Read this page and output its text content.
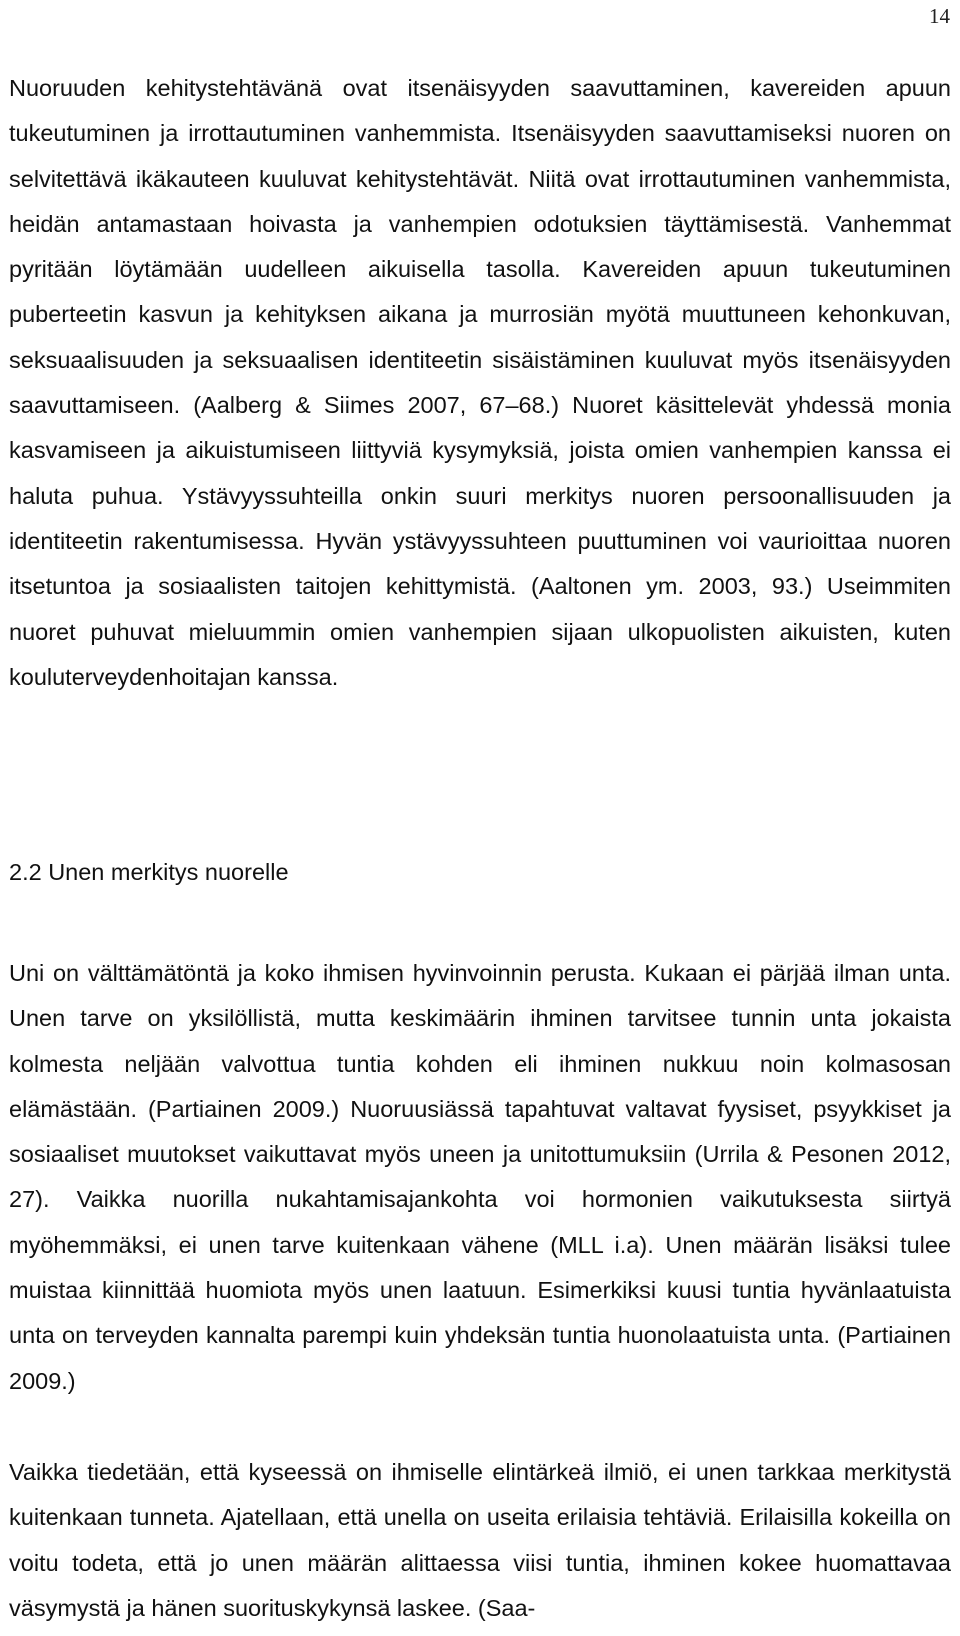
14

Nuoruuden kehitystehtävänä ovat itsenäisyyden saavuttaminen, kavereiden apuun tukeutuminen ja irrottautuminen vanhemmista. Itsenäisyyden saavuttamiseksi nuoren on selvitettävä ikäkauteen kuuluvat kehitystehtävät. Niitä ovat irrottautuminen vanhemmista, heidän antamastaan hoivasta ja vanhempien odotuksien täyttämisestä. Vanhemmat pyritään löytämään uudelleen aikuisella tasolla. Kavereiden apuun tukeutuminen puberteetin kasvun ja kehityksen aikana ja murrosiän myötä muuttuneen kehonkuvan, seksuaalisuuden ja seksuaalisen identiteetin sisäistäminen kuuluvat myös itsenäisyyden saavuttamiseen. (Aalberg & Siimes 2007, 67–68.) Nuoret käsittelevät yhdessä monia kasvamiseen ja aikuistumiseen liittyviä kysymyksiä, joista omien vanhempien kanssa ei haluta puhua. Ystävyyssuhteilla onkin suuri merkitys nuoren persoonallisuuden ja identiteetin rakentumisessa. Hyvän ystävyyssuhteen puuttuminen voi vaurioittaa nuoren itsetuntoa ja sosiaalisten taitojen kehittymistä. (Aaltonen ym. 2003, 93.) Useimmiten nuoret puhuvat mieluummin omien vanhempien sijaan ulkopuolisten aikuisten, kuten kouluterveydenhoitajan kanssa.

2.2 Unen merkitys nuorelle

Uni on välttämätöntä ja koko ihmisen hyvinvoinnin perusta. Kukaan ei pärjää ilman unta. Unen tarve on yksilöllistä, mutta keskimäärin ihminen tarvitsee tunnin unta jokaista kolmesta neljään valvottua tuntia kohden eli ihminen nukkuu noin kolmasosan elämästään. (Partiainen 2009.) Nuoruusiässä tapahtuvat valtavat fyysiset, psyykkiset ja sosiaaliset muutokset vaikuttavat myös uneen ja unitottumuksiin (Urrila & Pesonen 2012, 27). Vaikka nuorilla nukahtamisajankohta voi hormonien vaikutuksesta siirtyä myöhemmäksi, ei unen tarve kuitenkaan vähene (MLL i.a). Unen määrän lisäksi tulee muistaa kiinnittää huomiota myös unen laatuun. Esimerkiksi kuusi tuntia hyvänlaatuista unta on terveyden kannalta parempi kuin yhdeksän tuntia huonolaatuista unta. (Partiainen 2009.)

Vaikka tiedetään, että kyseessä on ihmiselle elintärkeä ilmiö, ei unen tarkkaa merkitystä kuitenkaan tunneta. Ajatellaan, että unella on useita erilaisia tehtäviä. Erilaisilla kokeilla on voitu todeta, että jo unen määrän alittaessa viisi tuntia, ihminen kokee huomattavaa väsymystä ja hänen suorituskykynsä laskee. (Saa-
